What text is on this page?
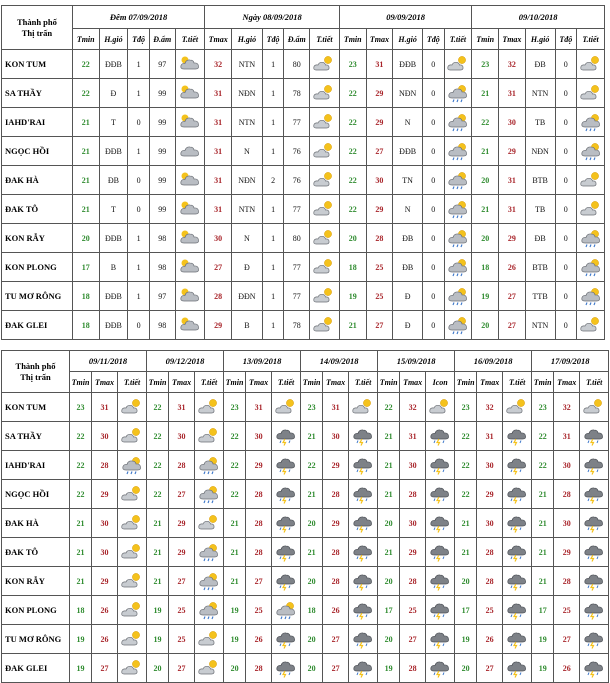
Thành phố
Thị trấn	Đêm 07/09/2018					Ngày 08/09/2018					09/09/2018					09/10/2018				
	Tmin	H.gió	Tđộ	Đ.ẩm	T.tiết	Tmax	H.gió	Tđộ	Đ.ẩm	T.tiết	Tmin	Tmax	H.gió	Tđộ	T.tiết	Tmin	Tmax	H.gió	Tđộ	T.tiết
KON TUM	22	ĐĐB	1	97		32	NTN	1	80		23	31	ĐĐB	0		23	32	ĐB	0	

SA THẦY	22	Đ	1	99		31	NĐN	1	78		22	29	NĐN	0		21	31	NTN	0	

IAHD'RAI	21	T	0	99		31	NTN	1	77		22	29	N	0		22	30	TB	0	

NGỌC HỒI	21	ĐĐB	1	99		31	N	1	76		22	27	ĐĐB	0		21	29	NĐN	0	

ĐAK HÀ	21	ĐB	0	99		31	NĐN	2	76		22	30	TN	0		20	31	BTB	0	

ĐAK TÔ	21	T	0	99		31	NTN	1	77		22	29	N	0		21	31	TB	0	

KON RẪY	20	ĐĐB	1	98		30	N	1	80		20	28	ĐB	0		20	29	ĐB	0	

KON PLONG	17	B	1	98		27	Đ	1	77		18	25	ĐB	0		18	26	BTB	0	

TU MƠ RÔNG	18	ĐĐB	1	97		28	ĐĐN	1	77		19	25	Đ	0		19	27	TTB	0	

ĐAK GLEI	18	ĐĐB	0	98		29	B	1	78		21	27	Đ	0		20	27	NTN	0	
Thành phố
Thị trấn	09/11/2018			09/12/2018			13/09/2018			14/09/2018			15/09/2018			16/09/2018			17/09/2018		
	Tmin	Tmax	T.tiết	Tmin	Tmax	T.tiết	Tmin	Tmax	T.tiết	Tmin	Tmax	T.tiết	Tmin	Tmax	Icon	Tmin	Tmax	T.tiết	Tmin	Tmax	T.tiết
KON TUM	23	31		22	31		23	31		23	31		22	32		23	32		23	32	

SA THẦY	22	30		22	30		22	30		21	30		21	31		22	31		22	31	

IAHD'RAI	22	28		22	28		22	29		22	29		21	30		22	30		22	30	

NGỌC HỒI	22	29		22	27		22	28		21	28		21	28		22	29		21	28	

ĐAK HÀ	21	30		21	29		21	28		20	29		20	30		21	30		21	30	

ĐAK TÔ	21	30		21	29		21	28		21	28		21	29		21	28		21	29	

KON RẪY	21	29		21	27		21	27		20	28		20	28		20	28		21	28	

KON PLONG	18	26		19	25		19	25		18	26		17	25		17	25		17	25	

TU MƠ RÔNG	19	26		19	25		19	26		20	27		20	27		19	26		19	27	

ĐAK GLEI	19	27		20	27		20	28		20	27		19	28		20	27		19	26	
